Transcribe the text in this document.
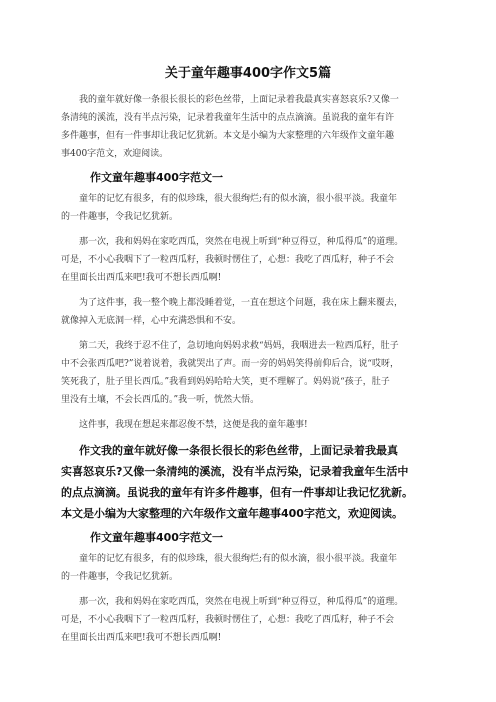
关于童年趣事400字作文5篇
我的童年就好像一条很长很长的彩色丝带，上面记录着我最真实喜怒哀乐?又像一
条清纯的溪流，没有半点污染，记录着我童年生活中的点点滴滴。虽说我的童年有许
多件趣事，但有一件事却让我记忆犹新。本文是小编为大家整理的六年级作文童年趣
事400字范文，欢迎阅读。
作文童年趣事400字范文一
童年的记忆有很多，有的似珍珠，很大很绚烂;有的似水滴，很小很平淡。我童年
的一件趣事，令我记忆犹新。
那一次，我和妈妈在家吃西瓜，突然在电视上听到“种豆得豆，种瓜得瓜”的道理。
可是，不小心我咽下了一粒西瓜籽，我顿时愣住了，心想：我吃了西瓜籽，种子不会
在里面长出西瓜来吧!我可不想长西瓜啊!
为了这件事，我一整个晚上都没睡着觉，一直在想这个问题，我在床上翻来覆去，
就像掉入无底洞一样，心中充满恐惧和不安。
第二天，我终于忍不住了，急切地向妈妈求救“妈妈，我咽进去一粒西瓜籽，肚子
中不会张西瓜吧?”说着说着，我就哭出了声。而一旁的妈妈笑得前仰后合，说“哎呀，
笑死我了，肚子里长西瓜。”我看到妈妈哈哈大笑，更不理解了。妈妈说“孩子，肚子
里没有土壤，不会长西瓜的。”我一听，恍然大悟。
这件事，我现在想起来都忍俊不禁，这便是我的童年趣事!
作文我的童年就好像一条很长很长的彩色丝带，上面记录着我最真
实喜怒哀乐?又像一条清纯的溪流，没有半点污染，记录着我童年生活中
的点点滴滴。虽说我的童年有许多件趣事，但有一件事却让我记忆犹新。
本文是小编为大家整理的六年级作文童年趣事400字范文，欢迎阅读。
作文童年趣事400字范文一
童年的记忆有很多，有的似珍珠，很大很绚烂;有的似水滴，很小很平淡。我童年
的一件趣事，令我记忆犹新。
那一次，我和妈妈在家吃西瓜，突然在电视上听到“种豆得豆，种瓜得瓜”的道理。
可是，不小心我咽下了一粒西瓜籽，我顿时愣住了，心想：我吃了西瓜籽，种子不会
在里面长出西瓜来吧!我可不想长西瓜啊!
